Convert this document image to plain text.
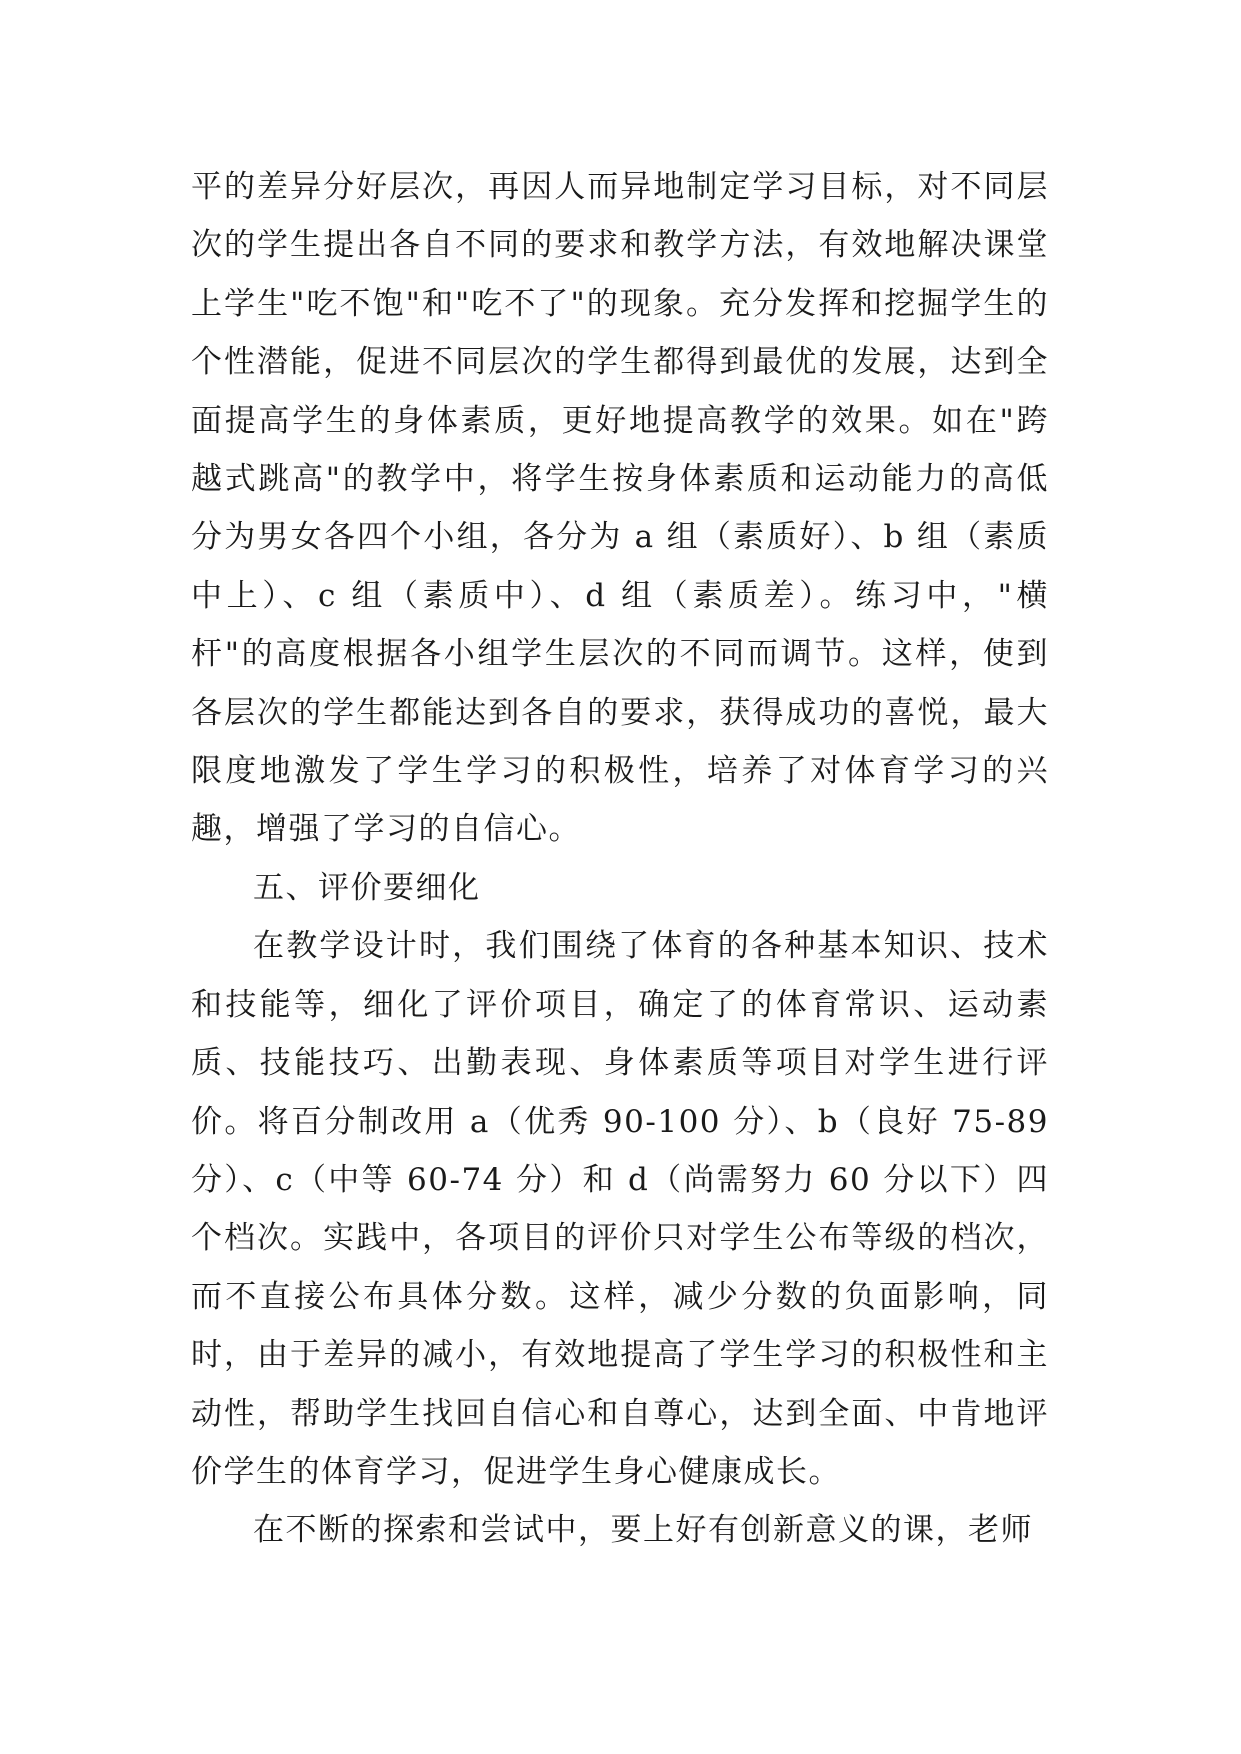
平的差异分好层次，再因人而异地制定学习目标，对不同层次的学生提出各自不同的要求和教学方法，有效地解决课堂上学生"吃不饱"和"吃不了"的现象。充分发挥和挖掘学生的个性潜能，促进不同层次的学生都得到最优的发展，达到全面提高学生的身体素质，更好地提高教学的效果。如在"跨越式跳高"的教学中，将学生按身体素质和运动能力的高低分为男女各四个小组，各分为 a 组（素质好）、b 组（素质中上）、c 组（素质中）、d 组（素质差）。练习中，"横杆"的高度根据各小组学生层次的不同而调节。这样，使到各层次的学生都能达到各自的要求，获得成功的喜悦，最大限度地激发了学生学习的积极性，培养了对体育学习的兴趣，增强了学习的自信心。

五、评价要细化

在教学设计时，我们围绕了体育的各种基本知识、技术和技能等，细化了评价项目，确定了的体育常识、运动素质、技能技巧、出勤表现、身体素质等项目对学生进行评价。将百分制改用 a（优秀 90-100 分）、b（良好 75-89 分）、c（中等 60-74 分）和 d（尚需努力 60 分以下）四个档次。实践中，各项目的评价只对学生公布等级的档次，而不直接公布具体分数。这样，减少分数的负面影响，同时，由于差异的减小，有效地提高了学生学习的积极性和主动性，帮助学生找回自信心和自尊心，达到全面、中肯地评价学生的体育学习，促进学生身心健康成长。

在不断的探索和尝试中，要上好有创新意义的课，老师
